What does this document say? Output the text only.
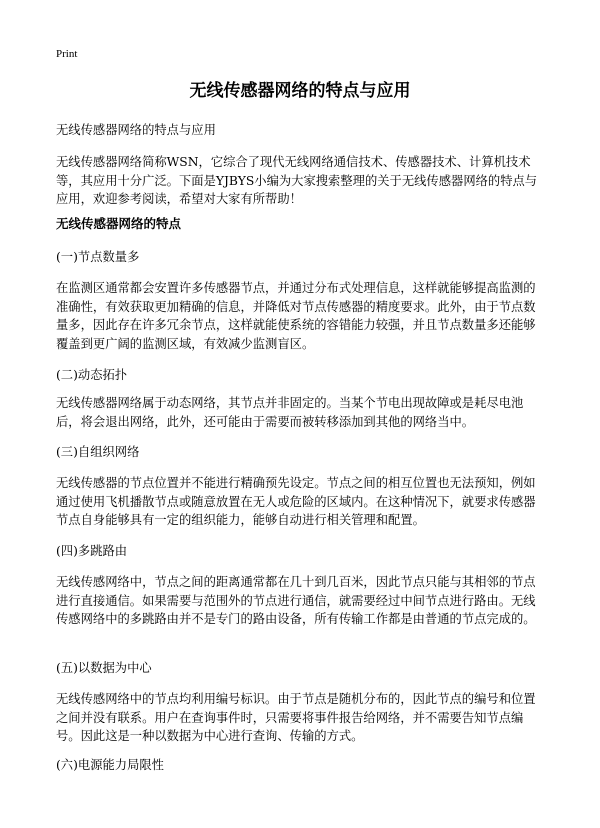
Print
无线传感器网络的特点与应用

无线传感器网络的特点与应用

无线传感器网络简称WSN，它综合了现代无线网络通信技术、传感器技术、计算机技术等，其应用十分广泛。下面是YJBYS小编为大家搜索整理的关于无线传感器网络的特点与应用，欢迎参考阅读，希望对大家有所帮助！

无线传感器网络的特点

(一)节点数量多

在监测区通常都会安置许多传感器节点，并通过分布式处理信息，这样就能够提高监测的准确性，有效获取更加精确的信息，并降低对节点传感器的精度要求。此外，由于节点数量多，因此存在许多冗余节点，这样就能使系统的容错能力较强，并且节点数量多还能够覆盖到更广阔的监测区域，有效减少监测盲区。

(二)动态拓扑

无线传感器网络属于动态网络，其节点并非固定的。当某个节电出现故障或是耗尽电池后，将会退出网络，此外，还可能由于需要而被转移添加到其他的网络当中。

(三)自组织网络

无线传感器的节点位置并不能进行精确预先设定。节点之间的相互位置也无法预知，例如通过使用飞机播散节点或随意放置在无人或危险的区域内。在这种情况下，就要求传感器节点自身能够具有一定的组织能力，能够自动进行相关管理和配置。

(四)多跳路由

无线传感网络中，节点之间的距离通常都在几十到几百米，因此节点只能与其相邻的节点进行直接通信。如果需要与范围外的节点进行通信，就需要经过中间节点进行路由。无线传感网络中的多跳路由并不是专门的路由设备，所有传输工作都是由普通的节点完成的。

(五)以数据为中心

无线传感网络中的节点均利用编号标识。由于节点是随机分布的，因此节点的编号和位置之间并没有联系。用户在查询事件时，只需要将事件报告给网络，并不需要告知节点编号。因此这是一种以数据为中心进行查询、传输的方式。

(六)电源能力局限性
